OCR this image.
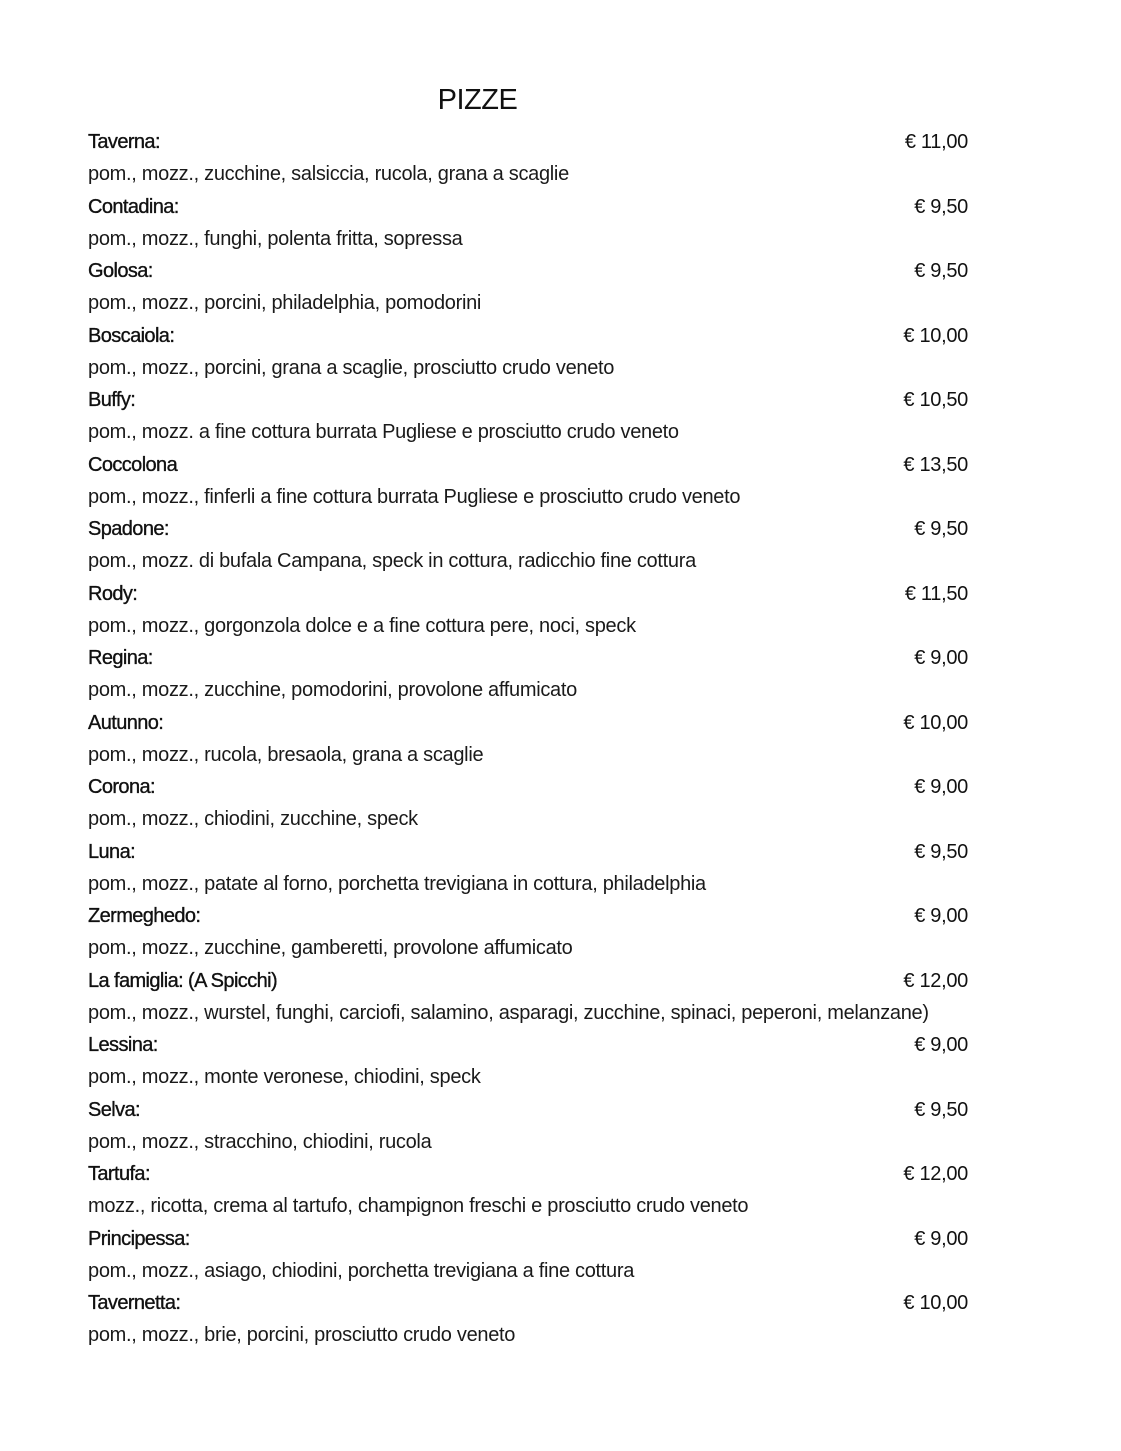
PIZZE
Taverna:	€ 11,00
pom., mozz., zucchine, salsiccia, rucola, grana a scaglie
Contadina:	€ 9,50
pom., mozz., funghi, polenta fritta, sopressa
Golosa:	€ 9,50
pom., mozz., porcini, philadelphia, pomodorini
Boscaiola:	€ 10,00
pom., mozz., porcini, grana a scaglie, prosciutto crudo veneto
Buffy:	€ 10,50
pom., mozz. a fine cottura burrata Pugliese e prosciutto crudo veneto
Coccolona	€ 13,50
pom., mozz., finferli a fine cottura burrata Pugliese e prosciutto crudo veneto
Spadone:	€ 9,50
pom., mozz. di bufala Campana, speck in cottura, radicchio fine cottura
Rody:	€ 11,50
pom., mozz., gorgonzola dolce e a fine cottura pere, noci, speck
Regina:	€ 9,00
pom., mozz., zucchine, pomodorini, provolone affumicato
Autunno:	€ 10,00
pom., mozz., rucola, bresaola, grana a scaglie
Corona:	€ 9,00
pom., mozz., chiodini, zucchine, speck
Luna:	€ 9,50
pom., mozz., patate al forno, porchetta trevigiana in cottura, philadelphia
Zermeghedo:	€ 9,00
pom., mozz., zucchine, gamberetti, provolone affumicato
La famiglia: (A Spicchi)	€ 12,00
pom., mozz., wurstel, funghi, carciofi, salamino, asparagi, zucchine, spinaci, peperoni, melanzane)
Lessina:	€ 9,00
pom., mozz., monte veronese, chiodini, speck
Selva:	€ 9,50
pom., mozz., stracchino, chiodini, rucola
Tartufa:	€ 12,00
mozz., ricotta, crema al tartufo, champignon freschi e prosciutto crudo veneto
Principessa:	€ 9,00
pom., mozz., asiago, chiodini, porchetta trevigiana a fine cottura
Tavernetta:	€ 10,00
pom., mozz., brie, porcini, prosciutto crudo veneto
